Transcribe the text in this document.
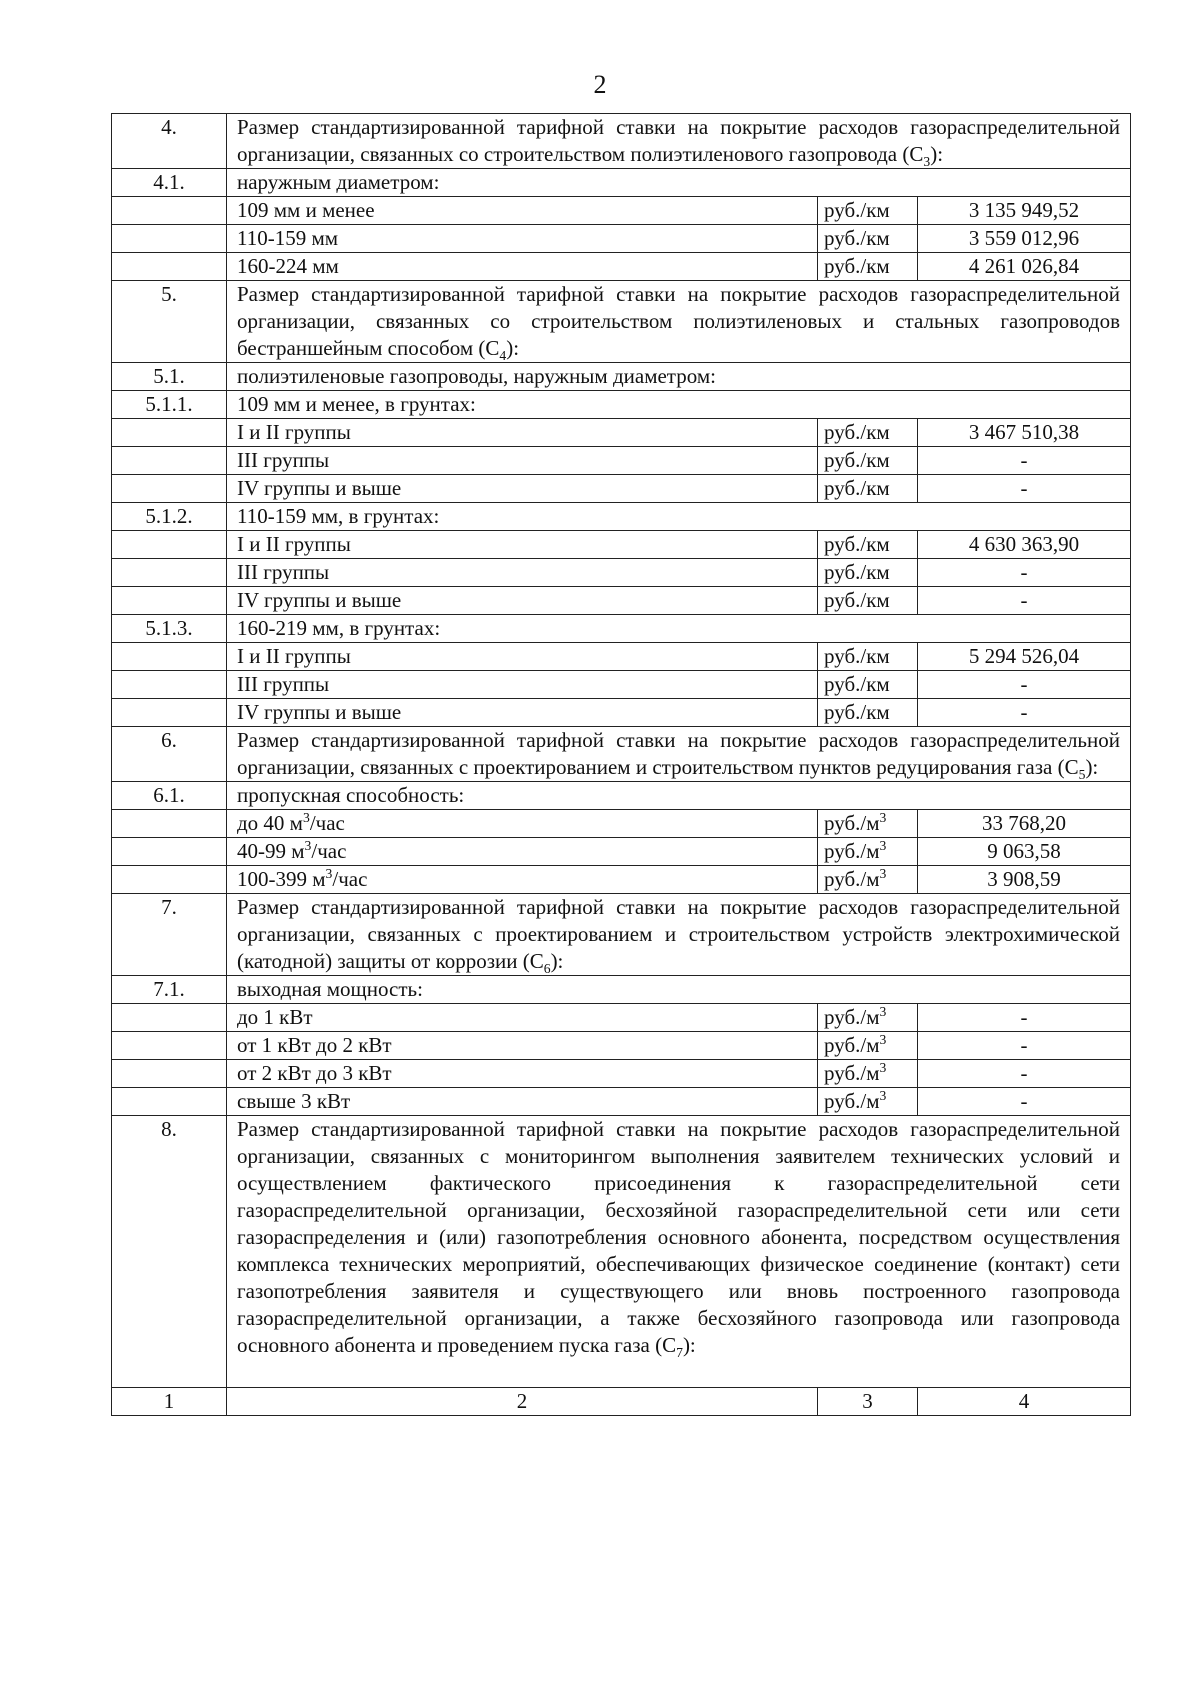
2
4.	Размер стандартизированной тарифной ставки на покрытие расходов газораспределительной организации, связанных со строительством полиэтиленового газопровода $(С_3)$:		
4.1.	наружным диаметром:		
	109 мм и менее	руб./км	3 135 949,52
	110-159 мм	руб./км	3 559 012,96
	160-224 мм	руб./км	4 261 026,84
5.	Размер стандартизированной тарифной ставки на покрытие расходов газораспределительной организации, связанных со строительством полиэтиленовых и стальных газопроводов бестраншейным способом $(С_4)$:		
5.1.	полиэтиленовые газопроводы, наружным диаметром:		
5.1.1.	109 мм и менее, в грунтах:		
	I и II группы	руб./км	3 467 510,38
	III группы	руб./км	-
	IV группы и выше	руб./км	-
5.1.2.	110-159 мм, в грунтах:		
	I и II группы	руб./км	4 630 363,90
	III группы	руб./км	-
	IV группы и выше	руб./км	-
5.1.3.	160-219 мм, в грунтах:		
	I и II группы	руб./км	5 294 526,04
	III группы	руб./км	-
	IV группы и выше	руб./км	-
6.	Размер стандартизированной тарифной ставки на покрытие расходов газораспределительной организации, связанных с проектированием и строительством пунктов редуцирования газа $(С_5)$:		
6.1.	пропускная способность:		
	до 40 $м^3$/час	$руб./м^3$	33 768,20
	40-99 $м^3$/час	$руб./м^3$	9 063,58
	100-399 $м^3$/час	$руб./м^3$	3 908,59
7.	Размер стандартизированной тарифной ставки на покрытие расходов газораспределительной организации, связанных с проектированием и строительством устройств электрохимической (катодной) защиты от коррозии $(С_6)$:		
7.1.	выходная мощность:		
	до 1 кВт	$руб./м^3$	-
	от 1 кВт до 2 кВт	$руб./м^3$	-
	от 2 кВт до 3 кВт	$руб./м^3$	-
	свыше 3 кВт	$руб./м^3$	-
8.	Размер стандартизированной тарифной ставки на покрытие расходов газораспределительной организации, связанных с мониторингом выполнения заявителем технических условий и осуществлением фактического присоединения к газораспределительной сети газораспределительной организации, бесхозяйной газораспределительной сети или сети газораспределения и (или) газопотребления основного абонента, посредством осуществления комплекса технических мероприятий, обеспечивающих физическое соединение (контакт) сети газопотребления заявителя и существующего или вновь построенного газопровода газораспределительной организации, а также бесхозяйного газопровода или газопровода основного абонента и проведением пуска газа $(С_7)$:		
1	2	3	4
